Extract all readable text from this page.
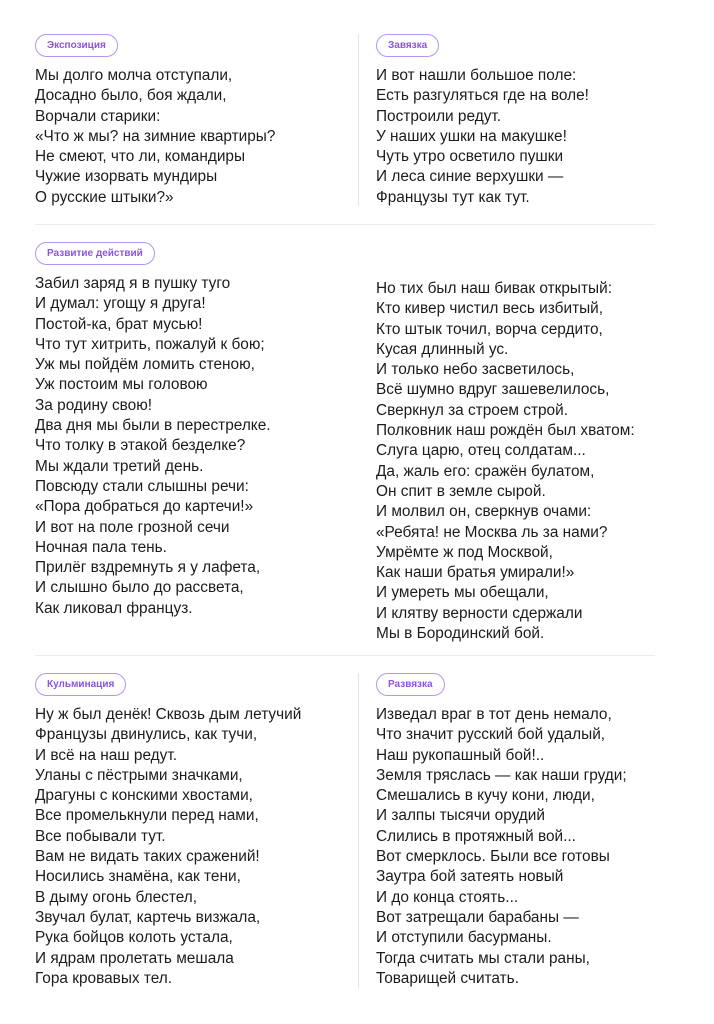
Экспозиция
Мы долго молча отступали,
Досадно было, боя ждали,
Ворчали старики:
«Что ж мы? на зимние квартиры?
Не смеют, что ли, командиры
Чужие изорвать мундиры
О русские штыки?»
Завязка
И вот нашли большое поле:
Есть разгуляться где на воле!
Построили редут.
У наших ушки на макушке!
Чуть утро осветило пушки
И леса синие верхушки —
Французы тут как тут.
Развитие действий
Забил заряд я в пушку туго
И думал: угощу я друга!
Постой-ка, брат мусью!
Что тут хитрить, пожалуй к бою;
Уж мы пойдём ломить стеною,
Уж постоим мы головою
За родину свою!
Два дня мы были в перестрелке.
Что толку в этакой безделке?
Мы ждали третий день.
Повсюду стали слышны речи:
«Пора добраться до картечи!»
И вот на поле грозной сечи
Ночная пала тень.
Прилёг вздремнуть я у лафета,
И слышно было до рассвета,
Как ликовал француз.
Но тих был наш бивак открытый:
Кто кивер чистил весь избитый,
Кто штык точил, ворча сердито,
Кусая длинный ус.
И только небо засветилось,
Всё шумно вдруг зашевелилось,
Сверкнул за строем строй.
Полковник наш рождён был хватом:
Слуга царю, отец солдатам...
Да, жаль его: сражён булатом,
Он спит в земле сырой.
И молвил он, сверкнув очами:
«Ребята! не Москва ль за нами?
Умрёмте ж под Москвой,
Как наши братья умирали!»
И умереть мы обещали,
И клятву верности сдержали
Мы в Бородинский бой.
Кульминация
Ну ж был денёк! Сквозь дым летучий
Французы двинулись, как тучи,
И всё на наш редут.
Уланы с пёстрыми значками,
Драгуны с конскими хвостами,
Все промелькнули перед нами,
Все побывали тут.
Вам не видать таких сражений!
Носились знамёна, как тени,
В дыму огонь блестел,
Звучал булат, картечь визжала,
Рука бойцов колоть устала,
И ядрам пролетать мешала
Гора кровавых тел.
Развязка
Изведал враг в тот день немало,
Что значит русский бой удалый,
Наш рукопашный бой!..
Земля тряслась — как наши груди;
Смешались в кучу кони, люди,
И залпы тысячи орудий
Слились в протяжный вой...
Вот смерклось. Были все готовы
Заутра бой затеять новый
И до конца стоять...
Вот затрещали барабаны —
И отступили басурманы.
Тогда считать мы стали раны,
Товарищей считать.
